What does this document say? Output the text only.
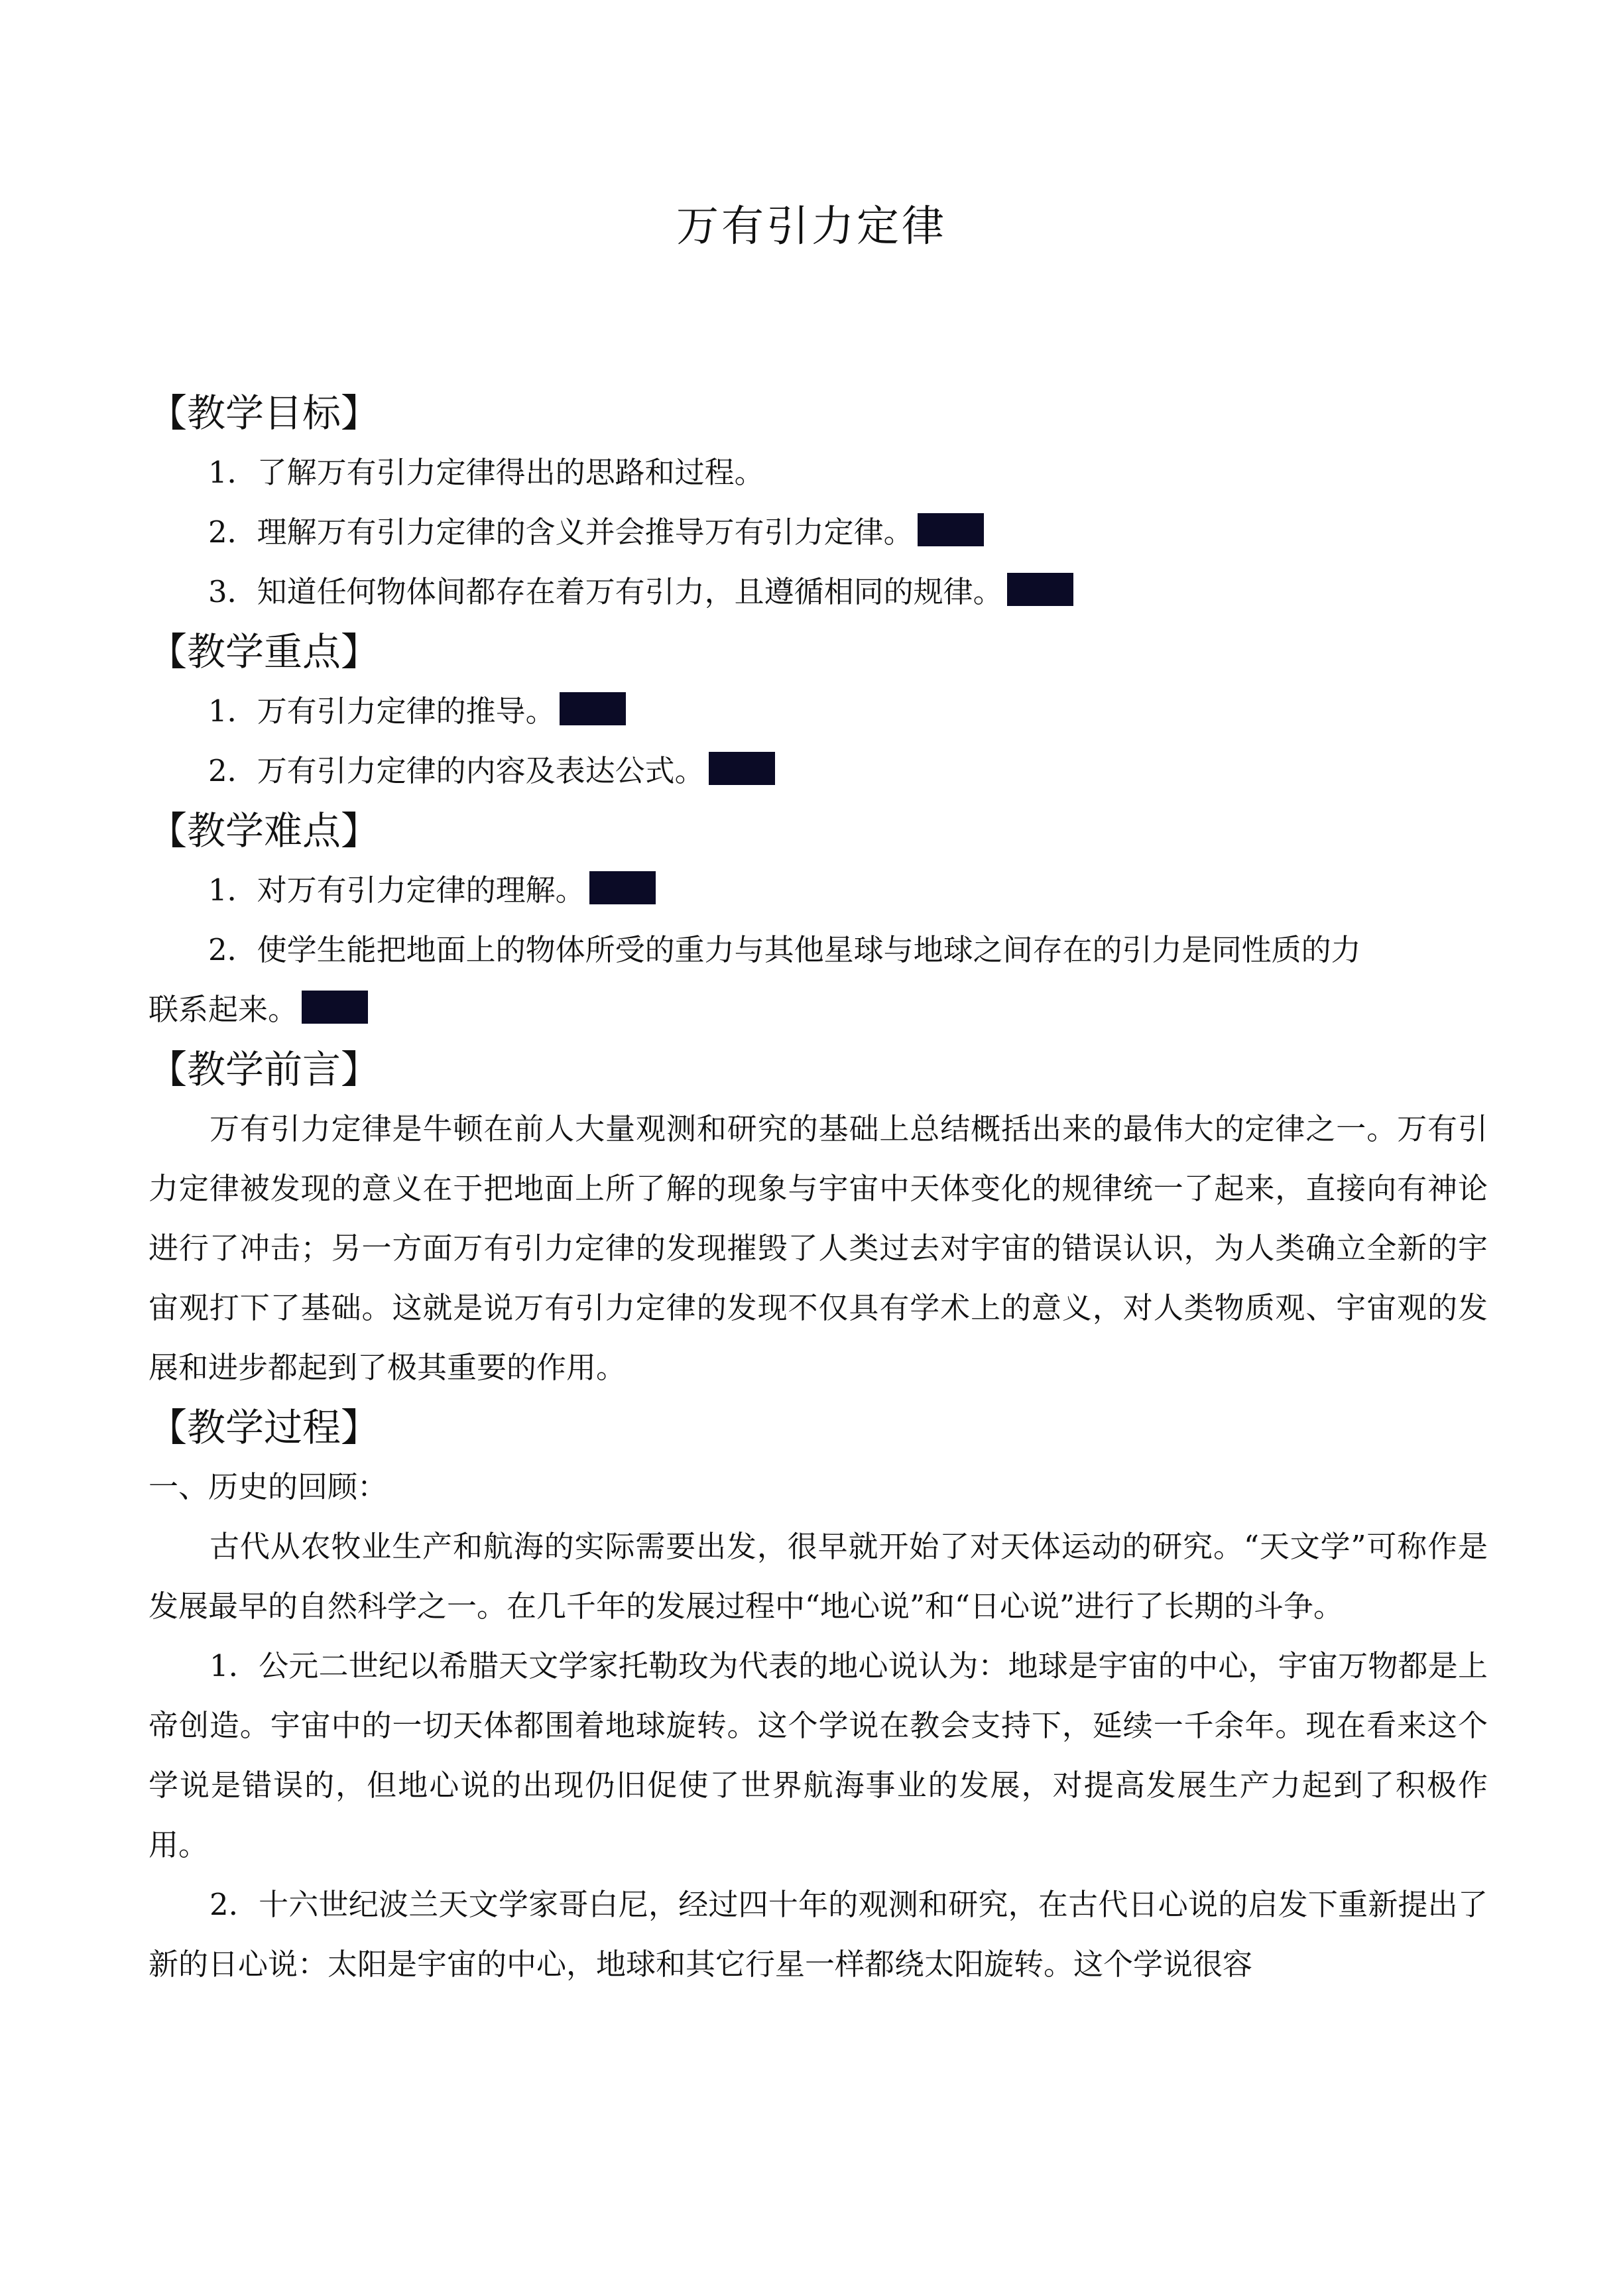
万有引力定律

【教学目标】

1．了解万有引力定律得出的思路和过程。

2．理解万有引力定律的含义并会推导万有引力定律。

3．知道任何物体间都存在着万有引力，且遵循相同的规律。

【教学重点】

1．万有引力定律的推导。

2．万有引力定律的内容及表达公式。

【教学难点】

1．对万有引力定律的理解。

2．使学生能把地面上的物体所受的重力与其他星球与地球之间存在的引力是同性质的力

联系起来。

【教学前言】

万有引力定律是牛顿在前人大量观测和研究的基础上总结概括出来的最伟大的定律之一。万有引力定律被发现的意义在于把地面上所了解的现象与宇宙中天体变化的规律统一了起来，直接向有神论进行了冲击；另一方面万有引力定律的发现摧毁了人类过去对宇宙的错误认识，为人类确立全新的宇宙观打下了基础。这就是说万有引力定律的发现不仅具有学术上的意义，对人类物质观、宇宙观的发展和进步都起到了极其重要的作用。

【教学过程】

一、历史的回顾：

古代从农牧业生产和航海的实际需要出发，很早就开始了对天体运动的研究。“天文学”可称作是发展最早的自然科学之一。在几千年的发展过程中“地心说”和“日心说”进行了长期的斗争。

1．公元二世纪以希腊天文学家托勒玫为代表的地心说认为：地球是宇宙的中心，宇宙万物都是上帝创造。宇宙中的一切天体都围着地球旋转。这个学说在教会支持下，延续一千余年。现在看来这个学说是错误的，但地心说的出现仍旧促使了世界航海事业的发展，对提高发展生产力起到了积极作用。

2．十六世纪波兰天文学家哥白尼，经过四十年的观测和研究，在古代日心说的启发下重新提出了新的日心说：太阳是宇宙的中心，地球和其它行星一样都绕太阳旋转。这个学说很容
